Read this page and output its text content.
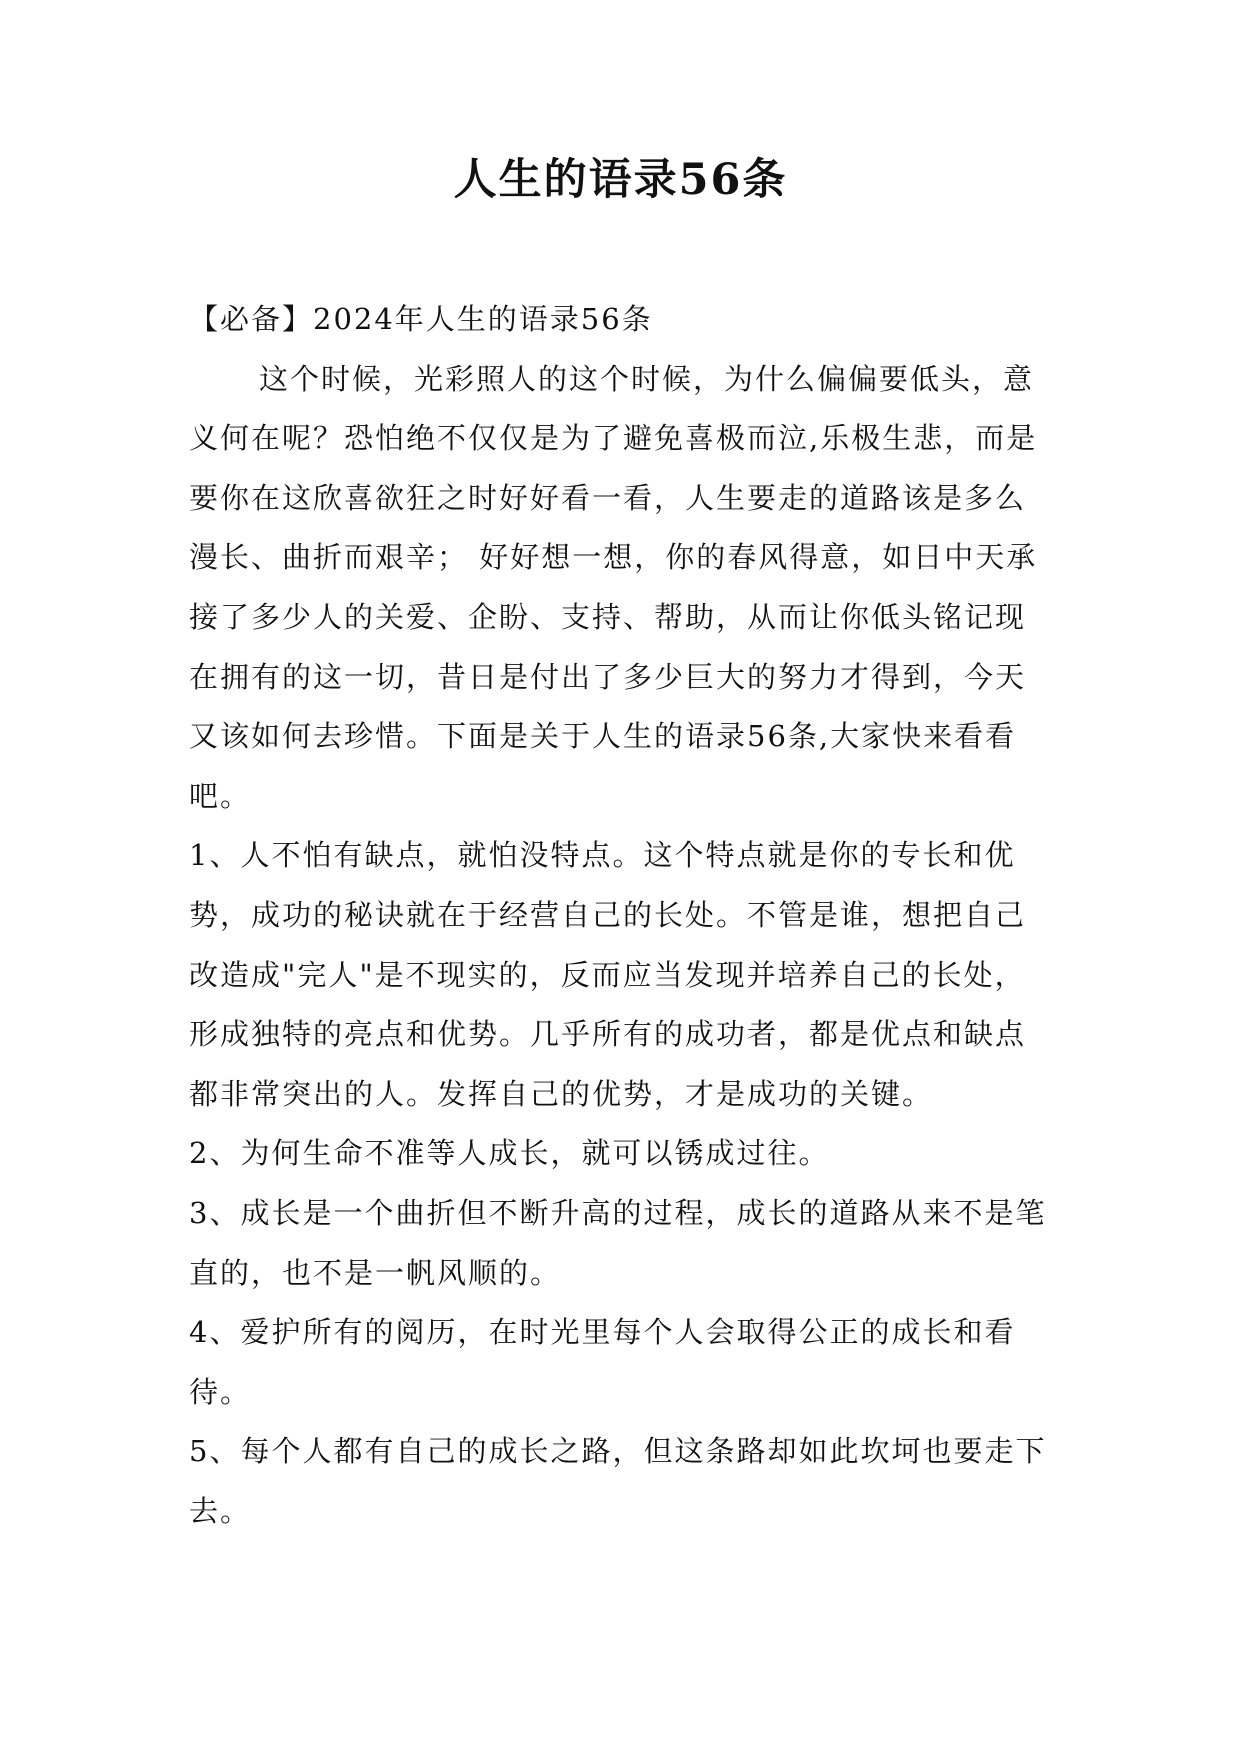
人生的语录56条

【必备】2024年人生的语录56条

这个时候，光彩照人的这个时候，为什么偏偏要低头，意义何在呢？恐怕绝不仅仅是为了避免喜极而泣,乐极生悲，而是要你在这欣喜欲狂之时好好看一看，人生要走的道路该是多么漫长、曲折而艰辛； 好好想一想，你的春风得意，如日中天承接了多少人的关爱、企盼、支持、帮助，从而让你低头铭记现在拥有的这一切，昔日是付出了多少巨大的努力才得到，今天又该如何去珍惜。下面是关于人生的语录56条,大家快来看看吧。

1、人不怕有缺点，就怕没特点。这个特点就是你的专长和优势，成功的秘诀就在于经营自己的长处。不管是谁，想把自己改造成"完人"是不现实的，反而应当发现并培养自己的长处，形成独特的亮点和优势。几乎所有的成功者，都是优点和缺点都非常突出的人。发挥自己的优势，才是成功的关键。

2、为何生命不准等人成长，就可以锈成过往。

3、成长是一个曲折但不断升高的过程，成长的道路从来不是笔直的，也不是一帆风顺的。

4、爱护所有的阅历，在时光里每个人会取得公正的成长和看待。

5、每个人都有自己的成长之路，但这条路却如此坎坷也要走下去。
